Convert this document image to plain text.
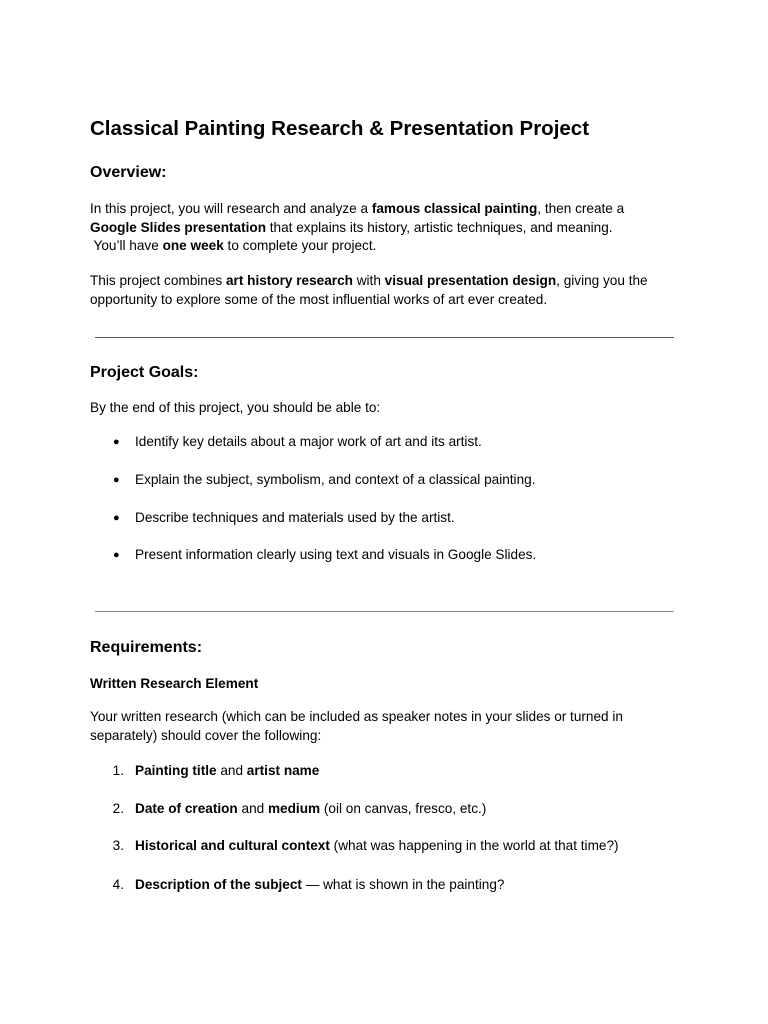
Classical Painting Research & Presentation Project
Overview:

In this project, you will research and analyze a famous classical painting, then create a
Google Slides presentation that explains its history, artistic techniques, and meaning.
You’ll have one week to complete your project.

This project combines art history research with visual presentation design, giving you the
opportunity to explore some of the most influential works of art ever created.

Project Goals:

By the end of this project, you should be able to:

● Identify key details about a major work of art and its artist.
● Explain the subject, symbolism, and context of a classical painting.
● Describe techniques and materials used by the artist.
● Present information clearly using text and visuals in Google Slides.
Requirements:
Written Research Element

Your written research (which can be included as speaker notes in your slides or turned in
separately) should cover the following:

1. Painting title and artist name
2. Date of creation and medium (oil on canvas, fresco, etc.)
3. Historical and cultural context (what was happening in the world at that time?)
4. Description of the subject — what is shown in the painting?
